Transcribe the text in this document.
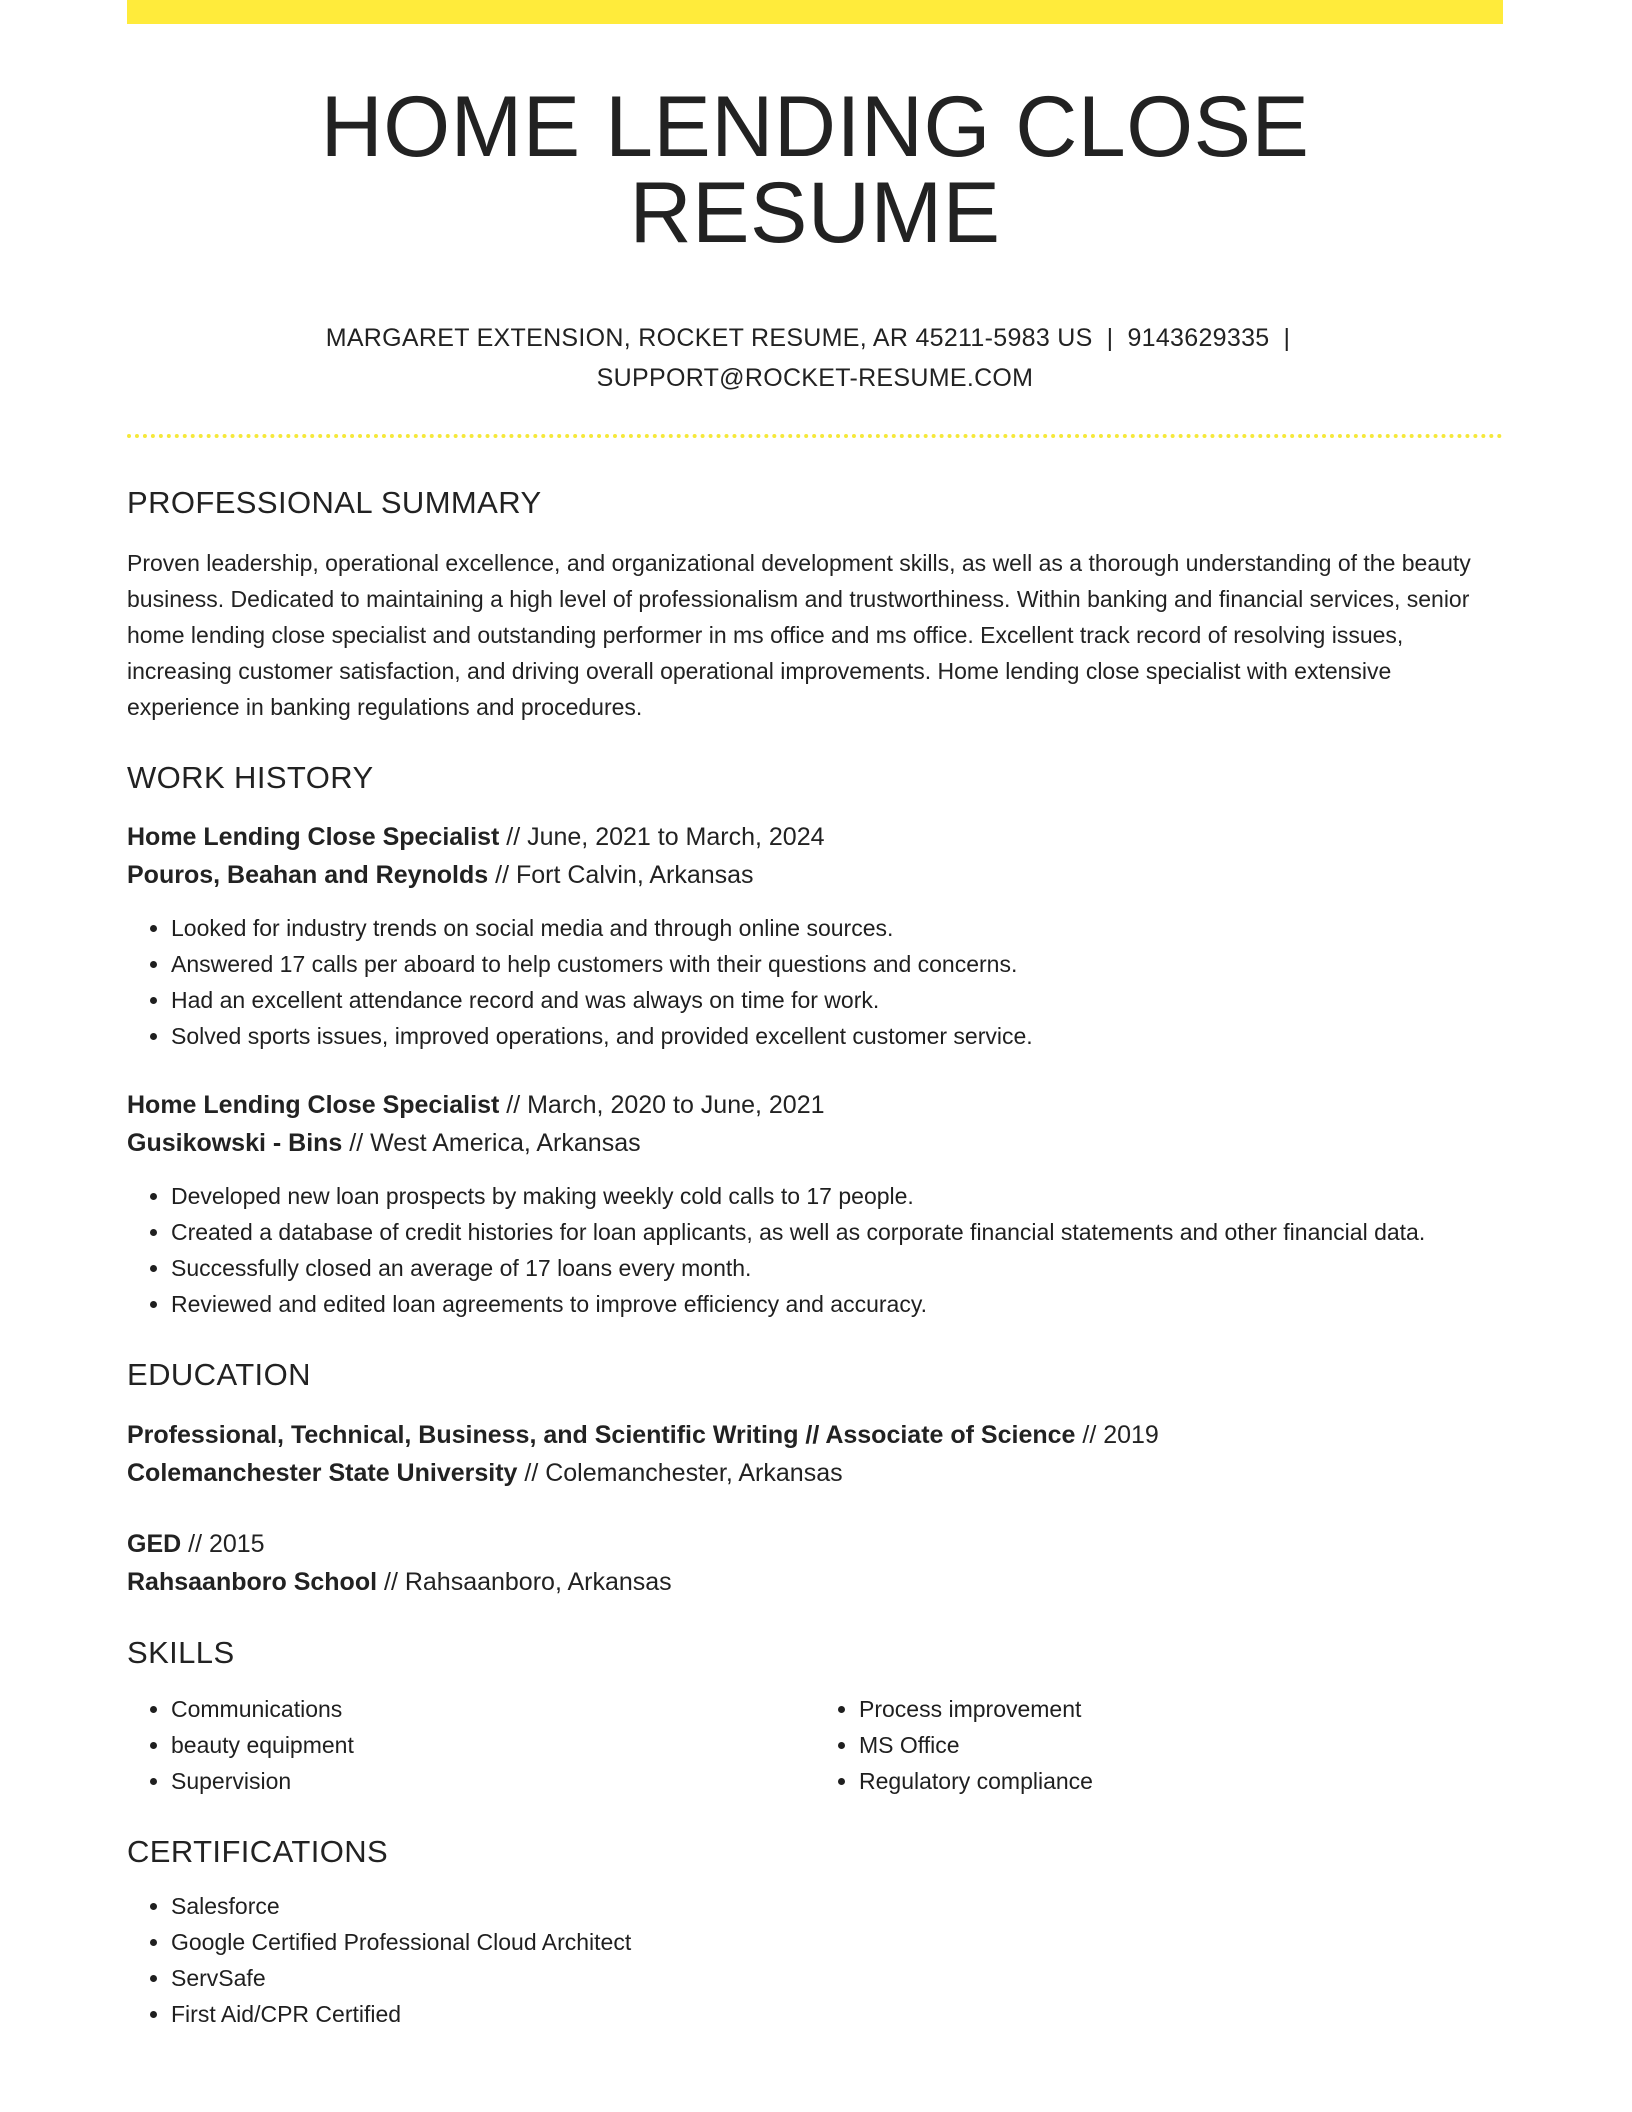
HOME LENDING CLOSE RESUME
MARGARET EXTENSION, ROCKET RESUME, AR 45211-5983 US | 9143629335 |
SUPPORT@ROCKET-RESUME.COM
PROFESSIONAL SUMMARY

Proven leadership, operational excellence, and organizational development skills, as well as a thorough understanding of the beauty business. Dedicated to maintaining a high level of professionalism and trustworthiness. Within banking and financial services, senior home lending close specialist and outstanding performer in ms office and ms office. Excellent track record of resolving issues, increasing customer satisfaction, and driving overall operational improvements. Home lending close specialist with extensive experience in banking regulations and procedures.

WORK HISTORY
Home Lending Close Specialist // June, 2021 to March, 2024
Pouros, Beahan and Reynolds // Fort Calvin, Arkansas
• Looked for industry trends on social media and through online sources.
• Answered 17 calls per aboard to help customers with their questions and concerns.
• Had an excellent attendance record and was always on time for work.
• Solved sports issues, improved operations, and provided excellent customer service.
Home Lending Close Specialist // March, 2020 to June, 2021
Gusikowski - Bins // West America, Arkansas
• Developed new loan prospects by making weekly cold calls to 17 people.
• Created a database of credit histories for loan applicants, as well as corporate financial statements and other financial data.
• Successfully closed an average of 17 loans every month.
• Reviewed and edited loan agreements to improve efficiency and accuracy.
EDUCATION
Professional, Technical, Business, and Scientific Writing // Associate of Science // 2019
Colemanchester State University // Colemanchester, Arkansas
GED // 2015
Rahsaanboro School // Rahsaanboro, Arkansas
SKILLS
• Communications
• beauty equipment
• Supervision
• Process improvement
• MS Office
• Regulatory compliance
CERTIFICATIONS
• Salesforce
• Google Certified Professional Cloud Architect
• ServSafe
• First Aid/CPR Certified
